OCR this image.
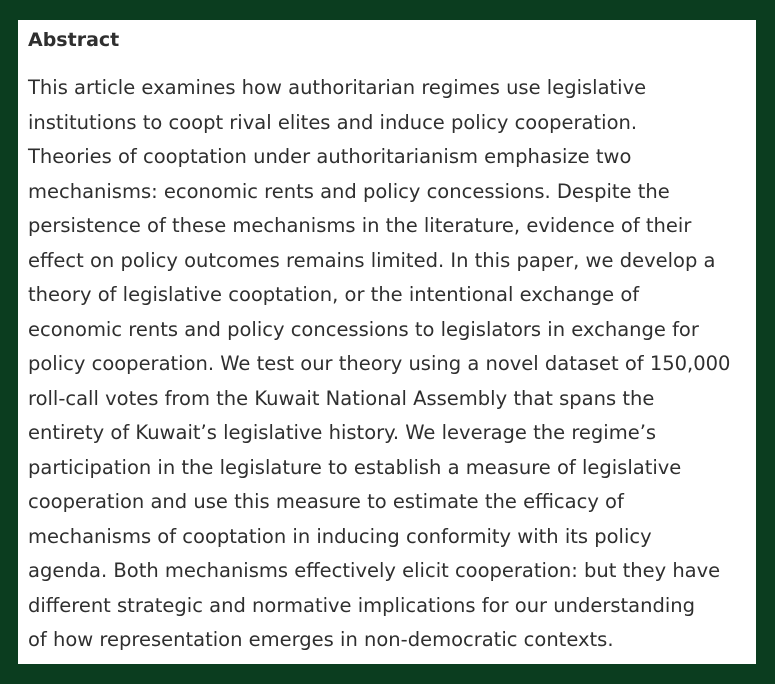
Abstract

This article examines how authoritarian regimes use legislative
institutions to coopt rival elites and induce policy cooperation.
Theories of cooptation under authoritarianism emphasize two
mechanisms: economic rents and policy concessions. Despite the
persistence of these mechanisms in the literature, evidence of their
effect on policy outcomes remains limited. In this paper, we develop a
theory of legislative cooptation, or the intentional exchange of
economic rents and policy concessions to legislators in exchange for
policy cooperation. We test our theory using a novel dataset of 150,000
roll-call votes from the Kuwait National Assembly that spans the
entirety of Kuwait’s legislative history. We leverage the regime’s
participation in the legislature to establish a measure of legislative
cooperation and use this measure to estimate the efficacy of
mechanisms of cooptation in inducing conformity with its policy
agenda. Both mechanisms effectively elicit cooperation: but they have
different strategic and normative implications for our understanding
of how representation emerges in non-democratic contexts.
